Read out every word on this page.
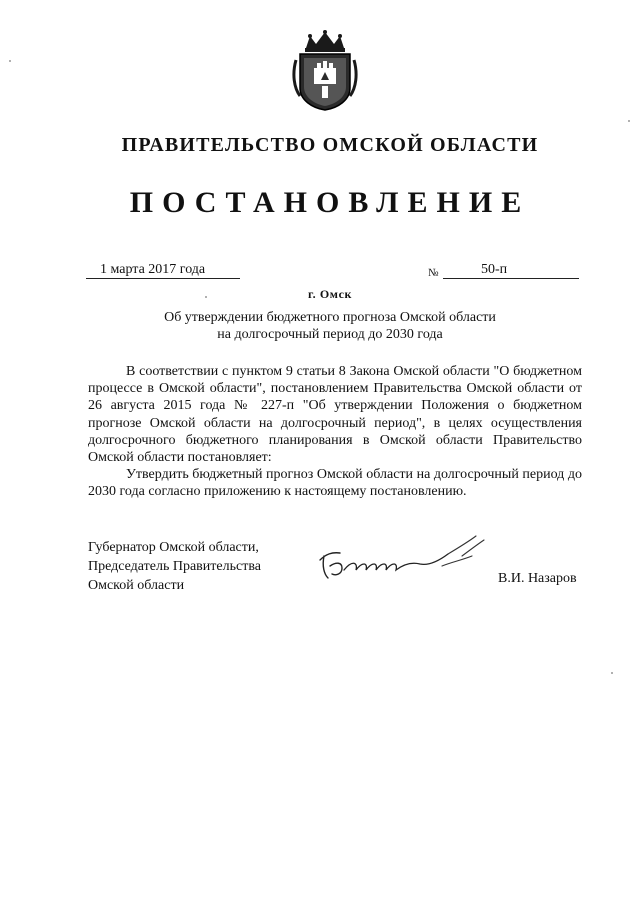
ПРАВИТЕЛЬСТВО ОМСКОЙ ОБЛАСТИ
ПОСТАНОВЛЕНИЕ
1 марта 2017 года	№	50-п
г. Омск
Об утверждении бюджетного прогноза Омской области
на долгосрочный период до 2030 года

В соответствии с пунктом 9 статьи 8 Закона Омской области "О бюджетном процессе в Омской области", постановлением Правительства Омской области от 26 августа 2015 года № 227-п "Об утверждении Положения о бюджетном прогнозе Омской области на долгосрочный период", в целях осуществления долгосрочного бюджетного планирования в Омской области Правительство Омской области постановляет:

Утвердить бюджетный прогноз Омской области на долгосрочный период до 2030 года согласно приложению к настоящему постановлению.

Губернатор Омской области,
Председатель Правительства
Омской области	В.И. Назаров
